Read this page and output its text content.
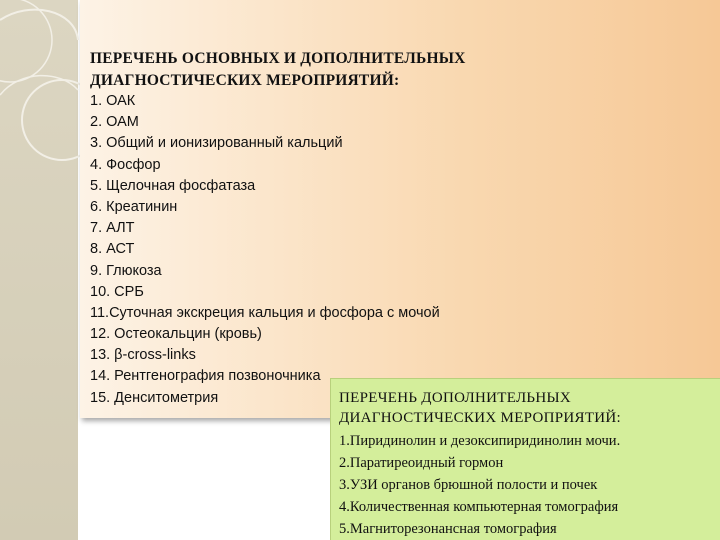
ПЕРЕЧЕНЬ ОСНОВНЫХ И ДОПОЛНИТЕЛЬНЫХ ДИАГНОСТИЧЕСКИХ МЕРОПРИЯТИЙ:
1. ОАК
2. ОАМ
3. Общий и ионизированный кальций
4. Фосфор
5. Щелочная фосфатаза
6. Креатинин
7. АЛТ
8. АСТ
9. Глюкоза
10. СРБ
11.Суточная экскреция кальция и фосфора с мочой
12. Остеокальцин (кровь)
13. β-cross-links
14. Рентгенография позвоночника
15. Денситометрия	ПЕРЕЧЕНЬ ДОПОЛНИТЕЛЬНЫХ ДИАГНОСТИЧЕСКИХ МЕРОПРИЯТИЙ:
1.Пиридинолин и дезоксипиридинолин мочи.
2.Паратиреоидный гормон
3.УЗИ органов брюшной полости и почек
4.Количественная компьютерная томография
5.Магниторезонансная томография
